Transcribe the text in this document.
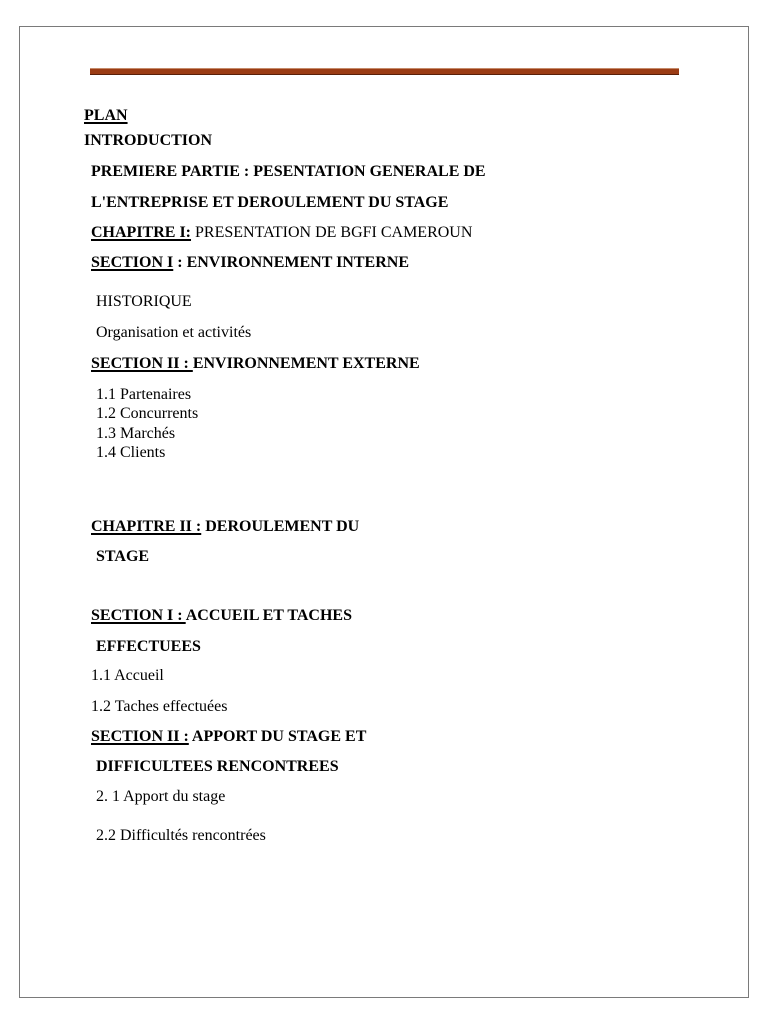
PLAN
INTRODUCTION
PREMIERE PARTIE : PESENTATION GENERALE DE
L'ENTREPRISE ET DEROULEMENT DU STAGE
CHAPITRE I: PRESENTATION DE BGFI CAMEROUN
SECTION I : ENVIRONNEMENT INTERNE
HISTORIQUE
Organisation et activités
SECTION II : ENVIRONNEMENT EXTERNE
1.1 Partenaires
1.2 Concurrents
1.3 Marchés
1.4 Clients
CHAPITRE II : DEROULEMENT DU
STAGE
SECTION I : ACCUEIL ET TACHES
EFFECTUEES
1.1 Accueil
1.2 Taches effectuées
SECTION II : APPORT DU STAGE ET
DIFFICULTEES RENCONTREES
2. 1 Apport du stage
2.2 Difficultés rencontrées
